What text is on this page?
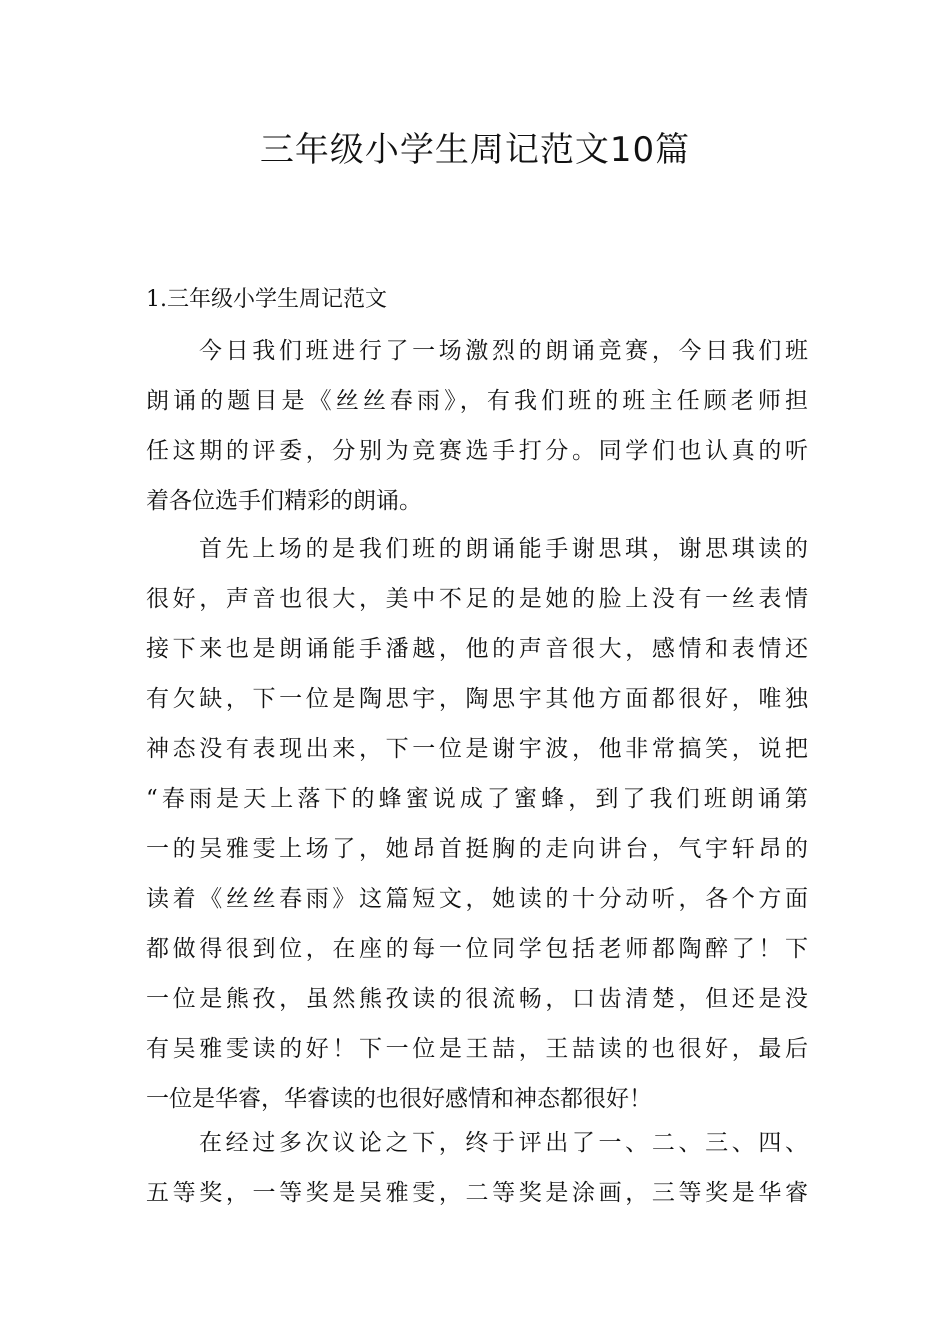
三年级小学生周记范文10篇
1.三年级小学生周记范文
今日我们班进行了一场激烈的朗诵竞赛，今日我们班
朗诵的题目是《丝丝春雨》，有我们班的班主任顾老师担
任这期的评委，分别为竞赛选手打分。同学们也认真的听
着各位选手们精彩的朗诵。
首先上场的是我们班的朗诵能手谢思琪，谢思琪读的
很好，声音也很大，美中不足的是她的脸上没有一丝表情
接下来也是朗诵能手潘越，他的声音很大，感情和表情还
有欠缺，下一位是陶思宇，陶思宇其他方面都很好，唯独
神态没有表现出来，下一位是谢宇波，他非常搞笑，说把
“春雨是天上落下的蜂蜜说成了蜜蜂，到了我们班朗诵第
一的吴雅雯上场了，她昂首挺胸的走向讲台，气宇轩昂的
读着《丝丝春雨》这篇短文，她读的十分动听，各个方面
都做得很到位，在座的每一位同学包括老师都陶醉了！下
一位是熊孜，虽然熊孜读的很流畅，口齿清楚，但还是没
有吴雅雯读的好！下一位是王喆，王喆读的也很好，最后
一位是华睿，华睿读的也很好感情和神态都很好！
在经过多次议论之下，终于评出了一、二、三、四、
五等奖，一等奖是吴雅雯，二等奖是涂画，三等奖是华睿
